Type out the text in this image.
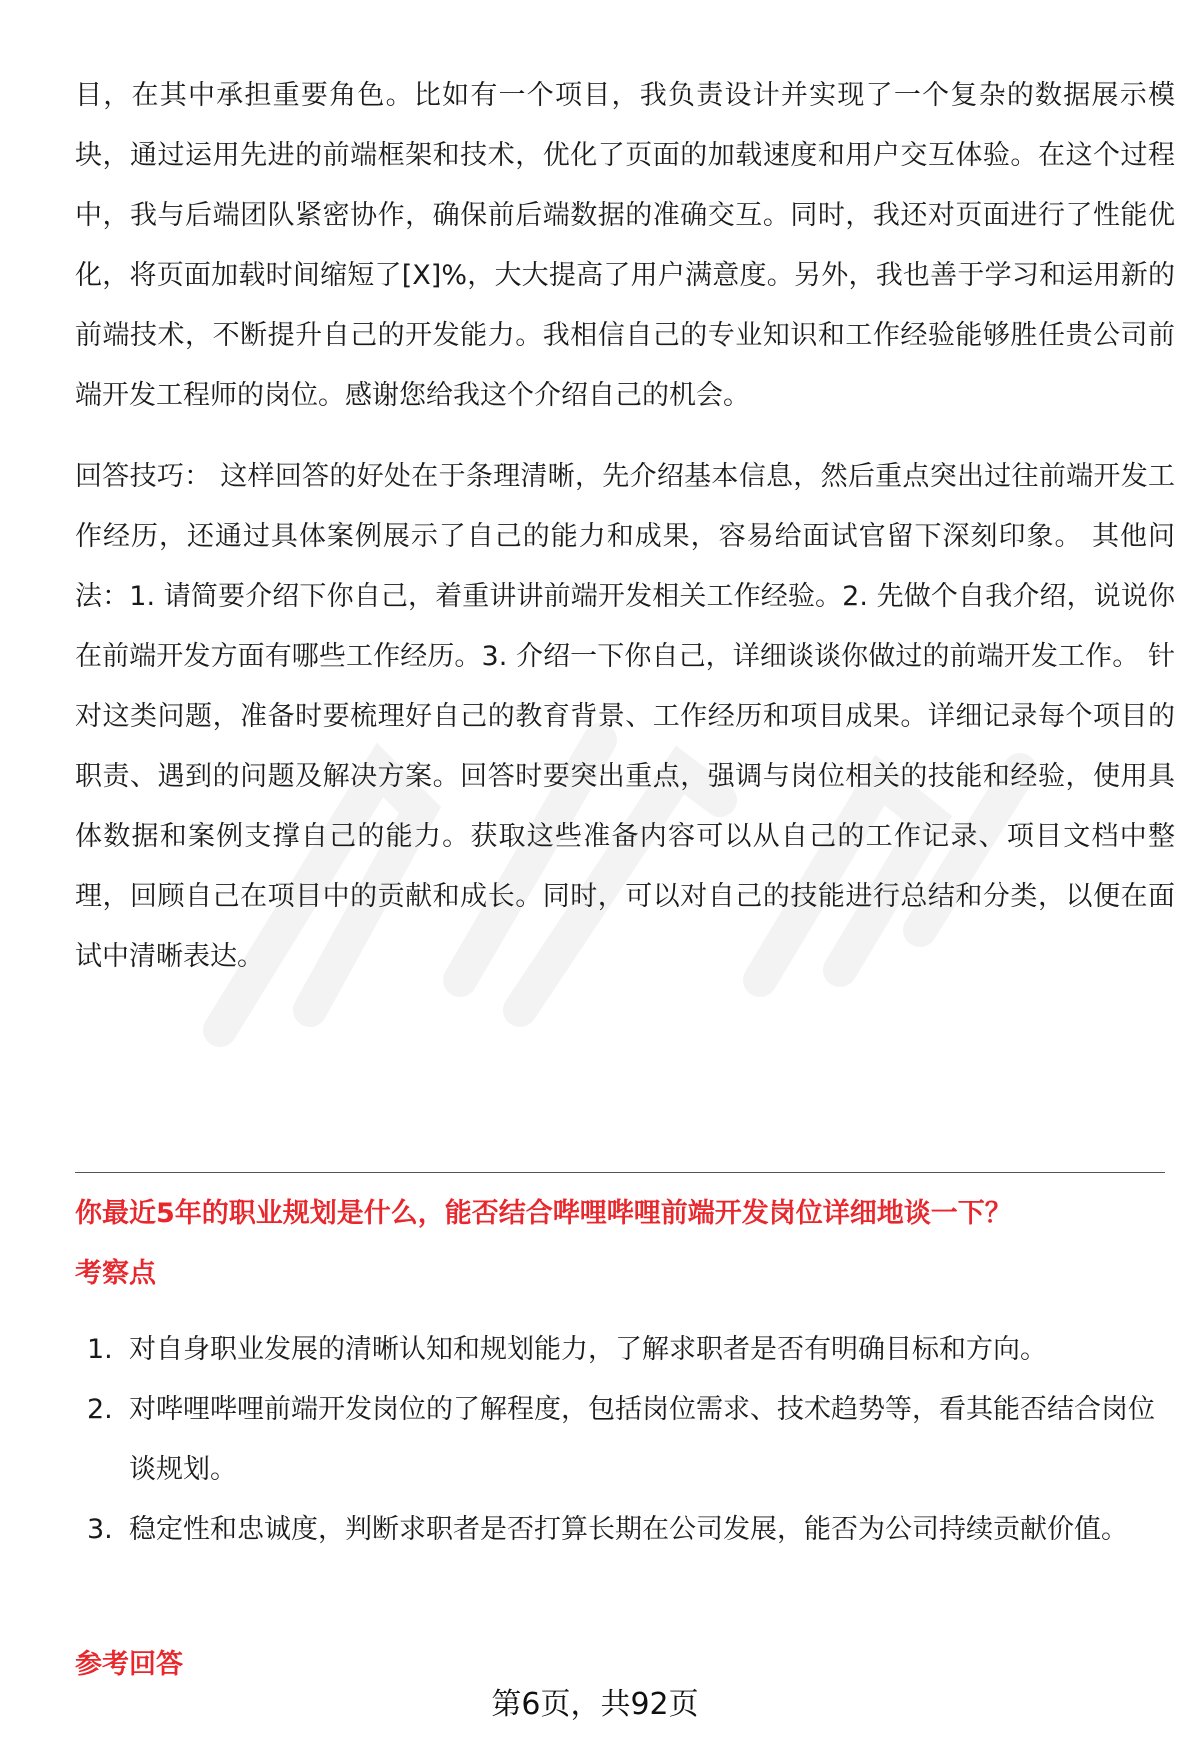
目，在其中承担重要角色。比如有一个项目，我负责设计并实现了一个复杂的数据展示模块，通过运用先进的前端框架和技术，优化了页面的加载速度和用户交互体验。在这个过程中，我与后端团队紧密协作，确保前后端数据的准确交互。同时，我还对页面进行了性能优化，将页面加载时间缩短了[X]%，大大提高了用户满意度。另外，我也善于学习和运用新的前端技术，不断提升自己的开发能力。我相信自己的专业知识和工作经验能够胜任贵公司前端开发工程师的岗位。感谢您给我这个介绍自己的机会。

回答技巧： 这样回答的好处在于条理清晰，先介绍基本信息，然后重点突出过往前端开发工作经历，还通过具体案例展示了自己的能力和成果，容易给面试官留下深刻印象。 其他问法：1. 请简要介绍下你自己，着重讲讲前端开发相关工作经验。2. 先做个自我介绍，说说你在前端开发方面有哪些工作经历。3. 介绍一下你自己，详细谈谈你做过的前端开发工作。 针对这类问题，准备时要梳理好自己的教育背景、工作经历和项目成果。详细记录每个项目的职责、遇到的问题及解决方案。回答时要突出重点，强调与岗位相关的技能和经验，使用具体数据和案例支撑自己的能力。获取这些准备内容可以从自己的工作记录、项目文档中整理，回顾自己在项目中的贡献和成长。同时，可以对自己的技能进行总结和分类，以便在面试中清晰表达。

你最近5年的职业规划是什么，能否结合哔哩哔哩前端开发岗位详细地谈一下？
考察点
1. 对自身职业发展的清晰认知和规划能力，了解求职者是否有明确目标和方向。
2. 对哔哩哔哩前端开发岗位的了解程度，包括岗位需求、技术趋势等，看其能否结合岗位谈规划。
3. 稳定性和忠诚度，判断求职者是否打算长期在公司发展，能否为公司持续贡献价值。
参考回答
第6页，共92页
